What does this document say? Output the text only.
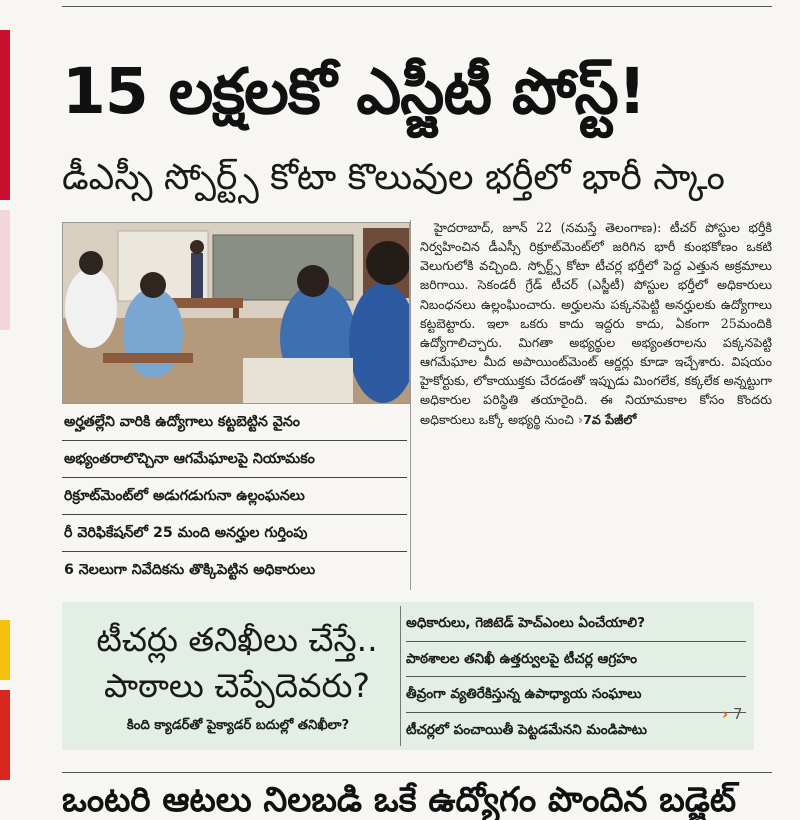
15 లక్షలకో ఎస్జీటీ పోస్ట్!
డీఎస్సీ స్పోర్ట్స్ కోటా కొలువుల భర్తీలో భారీ స్కాం
అర్హతల్లేని వారికి ఉద్యోగాలు కట్టబెట్టిన వైనం
అభ్యంతరాలొచ్చినా ఆగమేఘాలపై నియామకం
రిక్రూట్‌మెంట్‌లో అడుగడుగునా ఉల్లంఘనలు
రీ వెరిఫికేషన్‌లో 25 మంది అనర్హుల గుర్తింపు
6 నెలలుగా నివేదికను తొక్కిపెట్టిన అధికారులు

హైదరాబాద్, జూన్ 22 (నమస్తే తెలంగాణ): టీచర్ పోస్టుల భర్తీకి నిర్వహించిన డీఎస్సీ రిక్రూట్‌మెంట్‌లో జరిగిన భారీ కుంభకోణం ఒకటి వెలుగులోకి వచ్చింది. స్పోర్ట్స్ కోటా టీచర్ల భర్తీలో పెద్ద ఎత్తున అక్రమాలు జరిగాయి. సెకండరీ గ్రేడ్ టీచర్ (ఎస్జీటీ) పోస్టుల భర్తీలో అధికారులు నిబంధనలు ఉల్లంఘించారు. అర్హులను పక్కనపెట్టి అనర్హులకు ఉద్యోగాలు కట్టబెట్టారు. ఇలా ఒకరు కాదు ఇద్దరు కాదు, ఏకంగా 25మందికి ఉద్యోగాలిచ్చారు. మిగతా అభ్యర్థుల అభ్యంతరాలను పక్కనపెట్టి ఆగమేఘాల మీద అపాయింట్‌మెంట్ ఆర్డర్లు కూడా ఇచ్చేశారు. విషయం హైకోర్టుకు, లోకాయుక్తకు చేరడంతో ఇప్పుడు మింగలేక, కక్కలేక అన్నట్టుగా అధికారుల పరిస్థితి తయారైంది. ఈ నియామకాల కోసం కొందరు అధికారులు ఒక్కో అభ్యర్థి నుంచి ›7వ పేజీలో

టీచర్లు తనిఖీలు చేస్తే..
పాఠాలు చెప్పేదెవరు?
కింది క్యాడర్‌తో పైక్యాడర్ బదుల్లో తనిఖీలా?
అధికారులు, గెజిటెడ్ హెచ్ఎంలు ఏంచేయాలి?
పాఠశాలల తనిఖీ ఉత్తర్వులపై టీచర్ల ఆగ్రహం
తీవ్రంగా వ్యతిరేకిస్తున్న ఉపాధ్యాయ సంఘాలు
టీచర్లలో పంచాయితీ పెట్టడమేనని మండిపాటు
› 7
ఒంటరి ఆటలు నిలబడి ఒకే ఉద్యోగం పొందిన బడ్జెట్
